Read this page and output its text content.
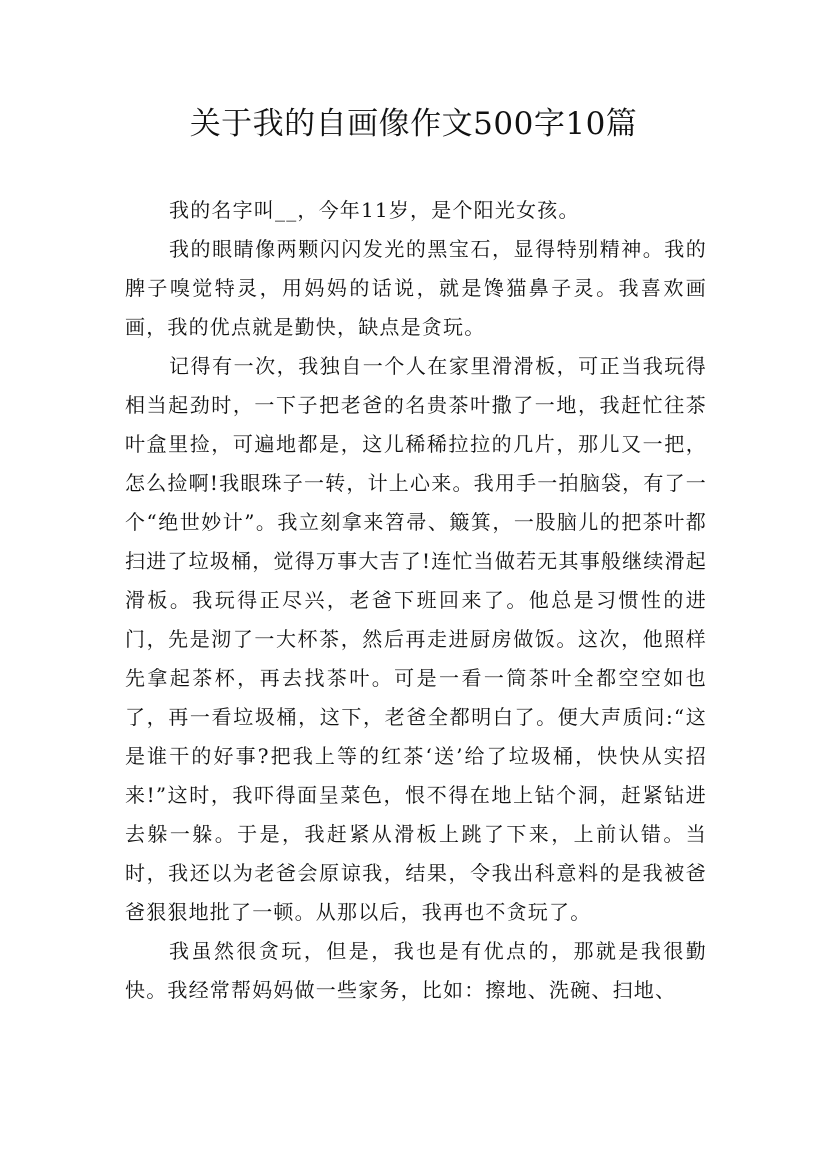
关于我的自画像作文500字10篇

我的名字叫__，今年11岁，是个阳光女孩。

我的眼睛像两颗闪闪发光的黑宝石，显得特别精神。我的脾子嗅觉特灵，用妈妈的话说，就是馋猫鼻子灵。我喜欢画画，我的优点就是勤快，缺点是贪玩。

记得有一次，我独自一个人在家里滑滑板，可正当我玩得相当起劲时，一下子把老爸的名贵茶叶撒了一地，我赶忙往茶叶盒里捡，可遍地都是，这儿稀稀拉拉的几片，那儿又一把，怎么捡啊!我眼珠子一转，计上心来。我用手一拍脑袋，有了一个“绝世妙计”。我立刻拿来笤帚、簸箕，一股脑儿的把茶叶都扫进了垃圾桶，觉得万事大吉了!连忙当做若无其事般继续滑起滑板。我玩得正尽兴，老爸下班回来了。他总是习惯性的进门，先是沏了一大杯茶，然后再走进厨房做饭。这次，他照样先拿起茶杯，再去找茶叶。可是一看一筒茶叶全都空空如也了，再一看垃圾桶，这下，老爸全都明白了。便大声质问:“这是谁干的好事?把我上等的红茶‘送’给了垃圾桶，快快从实招来!”这时，我吓得面呈菜色，恨不得在地上钻个洞，赶紧钻进去躲一躲。于是，我赶紧从滑板上跳了下来，上前认错。当时，我还以为老爸会原谅我，结果，令我出科意料的是我被爸爸狠狠地批了一顿。从那以后，我再也不贪玩了。

我虽然很贪玩，但是，我也是有优点的，那就是我很勤快。我经常帮妈妈做一些家务，比如：擦地、洗碗、扫地、
